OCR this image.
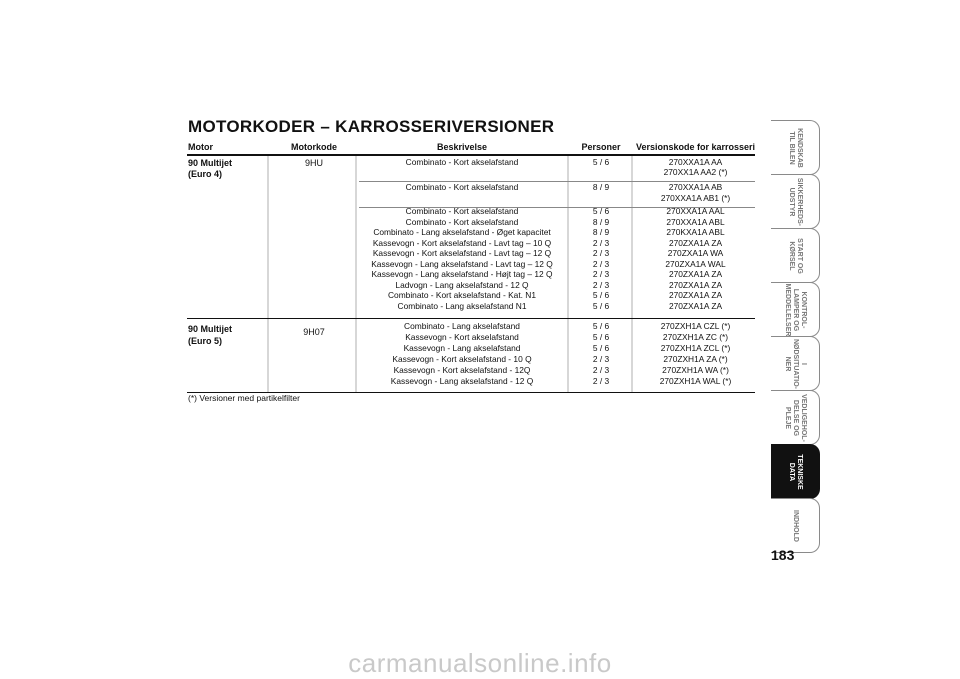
MOTORKODER – KARROSSERIVERSIONER
Motor	Motorkode	Beskrivelse	Personer	Versionskode for karrosseri
90 Multijet
(Euro 4)
9HU	Combinato - Kort akselafstand	5 / 6	270XXA1A AA
270XX1A AA2 (*)
Combinato - Kort akselafstand	8 / 9	270XXA1A AB
270XXA1A AB1 (*)
Combinato - Kort akselafstand	5 / 6	270XXA1A AAL
Combinato - Kort akselafstand	8 / 9	270XXA1A ABL
Combinato - Lang akselafstand - Øget kapacitet	8 / 9	270KXA1A ABL
Kassevogn - Kort akselafstand - Lavt tag – 10 Q	2 / 3	270ZXA1A ZA
Kassevogn - Kort akselafstand - Lavt tag – 12 Q	2 / 3	270ZXA1A WA
Kassevogn - Lang akselafstand - Lavt tag – 12 Q	2 / 3	270ZXA1A WAL
Kassevogn - Lang akselafstand - Højt tag – 12 Q	2 / 3	270ZXA1A ZA
Ladvogn - Lang akselafstand - 12 Q	2 / 3	270ZXA1A ZA
Combinato - Kort akselafstand - Kat. N1	5 / 6	270ZXA1A ZA
Combinato - Lang akselafstand N1	5 / 6	270ZXA1A ZA
90 Multijet
(Euro 5)
9H07
Combinato - Lang akselafstand	5 / 6	270ZXH1A CZL (*)
Kassevogn - Kort akselafstand	5 / 6	270ZXH1A ZC (*)
Kassevogn - Lang akselafstand	5 / 6	270ZXH1A ZCL (*)
Kassevogn - Kort akselafstand - 10 Q	2 / 3	270ZXH1A ZA (*)
Kassevogn - Kort akselafstand - 12Q	2 / 3	270ZXH1A WA (*)
Kassevogn - Lang akselafstand - 12 Q	2 / 3	270ZXH1A WAL (*)
(*) Versioner med partikelfilter
KENDSKAB
TIL BILEN
SIKKERHEDS-
UDSTYR
START OG
KØRSEL
KONTROL-
LAMPER OG
MEDDELELSER
I
NØDSITUATIO-
NER
VEDLIGEHOL-
DELSE OG PLEJE
TEKNISKE
DATA
INDHOLD
183
carmanualsonline.info
